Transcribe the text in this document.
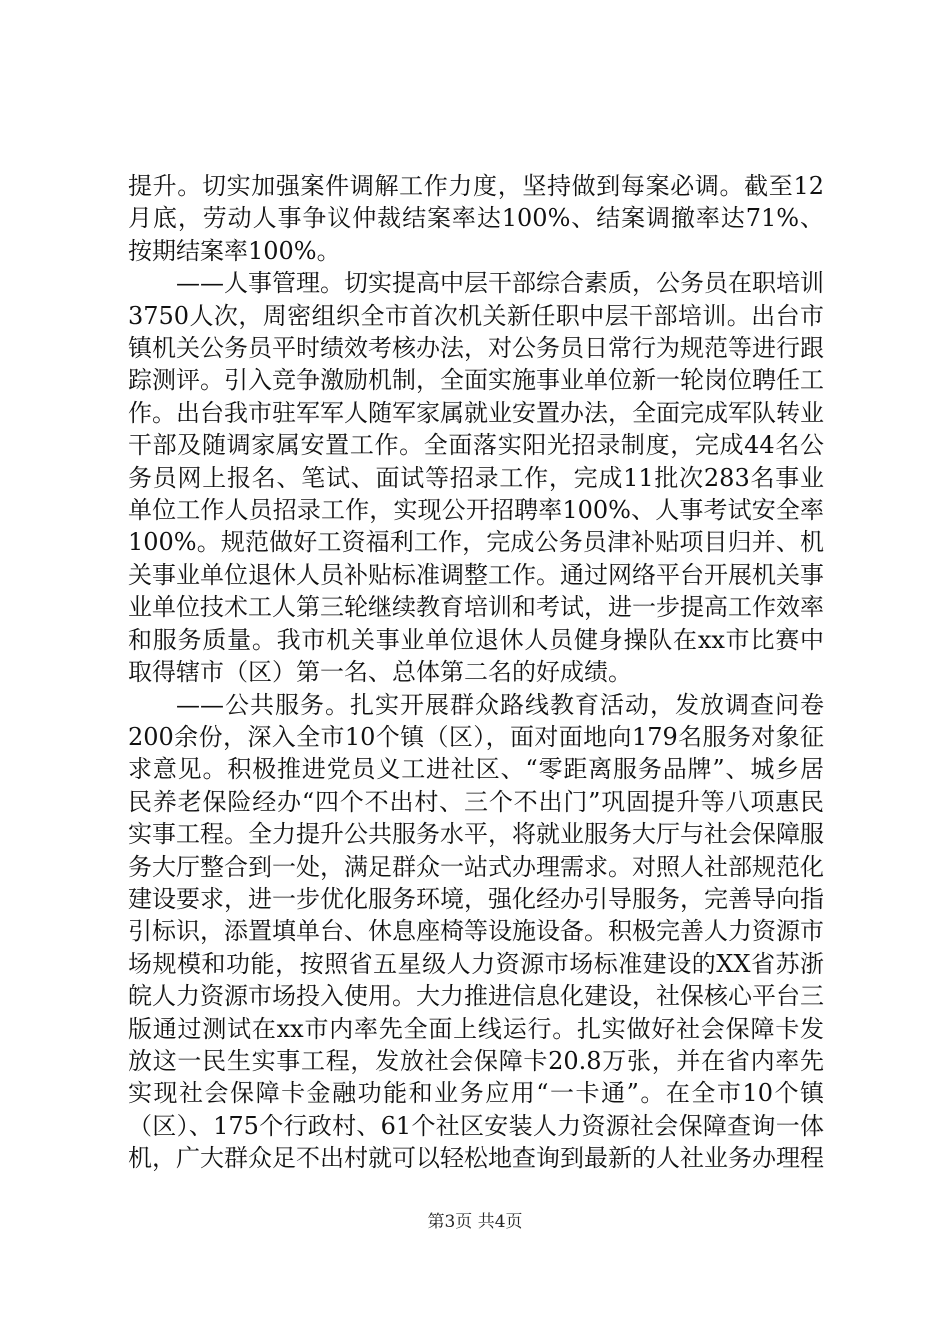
提升。切实加强案件调解工作力度，坚持做到每案必调。截至12月底，劳动人事争议仲裁结案率达100%、结案调撤率达71%、按期结案率100%。

——人事管理。切实提高中层干部综合素质，公务员在职培训3750人次，周密组织全市首次机关新任职中层干部培训。出台市镇机关公务员平时绩效考核办法，对公务员日常行为规范等进行跟踪测评。引入竞争激励机制，全面实施事业单位新一轮岗位聘任工作。出台我市驻军军人随军家属就业安置办法，全面完成军队转业干部及随调家属安置工作。全面落实阳光招录制度，完成44名公务员网上报名、笔试、面试等招录工作，完成11批次283名事业单位工作人员招录工作，实现公开招聘率100%、人事考试安全率100%。规范做好工资福利工作，完成公务员津补贴项目归并、机关事业单位退休人员补贴标准调整工作。通过网络平台开展机关事业单位技术工人第三轮继续教育培训和考试，进一步提高工作效率和服务质量。我市机关事业单位退休人员健身操队在xx市比赛中取得辖市（区）第一名、总体第二名的好成绩。

——公共服务。扎实开展群众路线教育活动，发放调查问卷200余份，深入全市10个镇（区），面对面地向179名服务对象征求意见。积极推进党员义工进社区、“零距离服务品牌”、城乡居民养老保险经办“四个不出村、三个不出门”巩固提升等八项惠民实事工程。全力提升公共服务水平，将就业服务大厅与社会保障服务大厅整合到一处，满足群众一站式办理需求。对照人社部规范化建设要求，进一步优化服务环境，强化经办引导服务，完善导向指引标识，添置填单台、休息座椅等设施设备。积极完善人力资源市场规模和功能，按照省五星级人力资源市场标准建设的XX省苏浙皖人力资源市场投入使用。大力推进信息化建设，社保核心平台三版通过测试在xx市内率先全面上线运行。扎实做好社会保障卡发放这一民生实事工程，发放社会保障卡20.8万张，并在省内率先实现社会保障卡金融功能和业务应用“一卡通”。在全市10个镇（区）、175个行政村、61个社区安装人力资源社会保障查询一体机，广大群众足不出村就可以轻松地查询到最新的人社业务办理程

第3页 共4页
